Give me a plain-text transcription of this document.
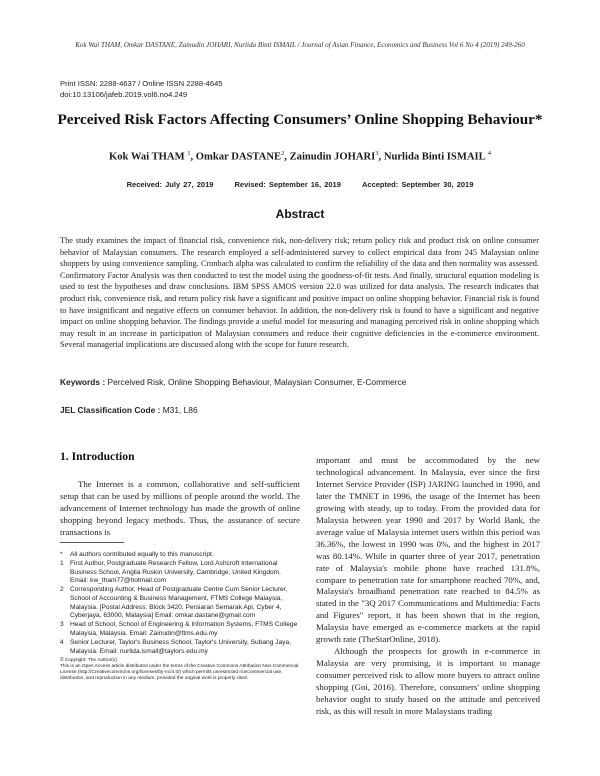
Kok Wai THAM, Omkar DASTANE, Zainudin JOHARI, Nurlida Binti ISMAIL / Journal of Asian Finance, Economics and Business Vol 6 No 4 (2019) 249-260
Print ISSN: 2288-4637 / Online ISSN 2288-4645
doi:10.13106/jafeb.2019.vol6.no4.249
Perceived Risk Factors Affecting Consumers’ Online Shopping Behaviour*
Kok Wai THAM $^1$, Omkar DASTANE$^2$, Zainudin JOHARI$^3$, Nurlida Binti ISMAIL $^4$
Received: July 27, 2019	Revised: September 16, 2019	Accepted: September 30, 2019
Abstract

The study examines the impact of financial risk, convenience risk, non-delivery risk; return policy risk and product risk on online consumer behavior of Malaysian consumers. The research employed a self-administered survey to collect empirical data from 245 Malaysian online shoppers by using convenience sampling. Cronbach alpha was calculated to confirm the reliability of the data and then normality was assessed. Confirmatory Factor Analysis was then conducted to test the model using the goodness-of-fit tests. And finally, structural equation modeling is used to test the hypotheses and draw conclusions. IBM SPSS AMOS version 22.0 was utilized for data analysis. The research indicates that product risk, convenience risk, and return policy risk have a significant and positive impact on online shopping behavior. Financial risk is found to have insignificant and negative effects on consumer behavior. In addition, the non-delivery risk is found to have a significant and negative impact on online shopping behavior. The findings provide a useful model for measuring and managing perceived risk in online shopping which may result in an increase in participation of Malaysian consumers and reduce their cognitive deficiencies in the e-commerce environment. Several managerial implications are discussed along with the scope for future research.

Keywords : Perceived Risk, Online Shopping Behaviour, Malaysian Consumer, E-Commerce
JEL Classification Code : M31, L86
1. Introduction

The Internet is a common, collaborative and self-sufficient setup that can be used by millions of people around the world. The advancement of Internet technology has made the growth of online shopping beyond legacy methods. Thus, the assurance of secure transactions is

important and must be accommodated by the new technological advancement. In Malaysia, ever since the first Internet Service Provider (ISP) JARING launched in 1990, and later the TMNET in 1996, the usage of the Internet has been growing with steady, up to today. From the provided data for Malaysia between year 1990 and 2017 by World Bank, the average value of Malaysia internet users within this period was 36.36%, the lowest in 1990 was 0%, and the highest in 2017 was 80.14%. While in quarter three of year 2017, penetration rate of Malaysia's mobile phone have reached 131.8%, compare to penetration rate for smartphone reached 70%, and, Malaysia's broadband penetration rate reached to 84.5% as stated in the "3Q 2017 Communications and Multimedia: Facts and Figures" report, it has been shown that in the region, Malaysia have emerged as e-commerce markets at the rapid growth rate (TheStarOnline, 2018).

Although the prospects for growth in e-commerce in Malaysia are very promising, it is important to manage consumer perceived risk to allow more buyers to attract online shopping (Goi, 2016). Therefore, consumers' online shopping behavior ought to study based on the attitude and perceived risk, as this will result in more Malaysians trading

* All authors contributed equally to this manuscript.
1 First Author, Postgraduate Research Fellow, Lord Ashcroft International Business School, Anglia Ruskin University, Cambridge, United Kingdom. Email: kw_tham77@hotmail.com
2 Corresponding Author, Head of Postgraduate Centre Cum Senior Lecturer, School of Accounting & Business Management, FTMS College Malaysia, Malaysia. [Postal Address: Block 3420, Persiaran Semarak Api, Cyber 4, Cyberjaya, 63000, Malaysia] Email: omkar.dastane@gmail.com
3 Head of School, School of Engineering & Information Systems, FTMS College Malaysia, Malaysia. Email: Zainudin@ftms.edu.my
4 Senior Lecturer, Taylor's Business School, Taylor's University, Subang Jaya, Malaysia. Email: nurlida.ismail@taylors.edu.my
©Copyright: The Author(s)
This is an Open Access article distributed under the terms of the Creative Commons Attribution Non-Commercial License (http://Creativecommons.org/licenses/by-nc/4.0/) which permits unrestricted noncommercial use, distribution, and reproduction in any medium, provided the original work is properly cited.
